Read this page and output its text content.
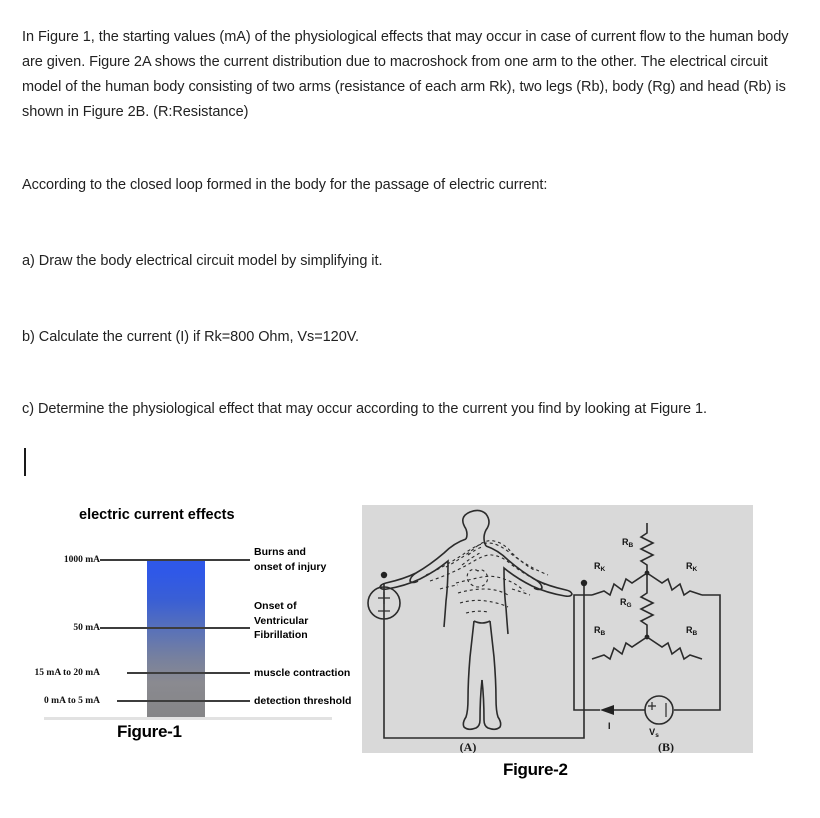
In Figure 1, the starting values (mA) of the physiological effects that may occur in case of current flow to the human body are given. Figure 2A shows the current distribution due to macroshock from one arm to the other. The electrical circuit model of the human body consisting of two arms (resistance of each arm Rk), two legs (Rb), body (Rg) and head (Rb) is shown in Figure 2B. (R:Resistance)

According to the closed loop formed in the body for the passage of electric current:

a) Draw the body electrical circuit model by simplifying it.

b) Calculate the current (I) if Rk=800 Ohm, Vs=120V.

c) Determine the physiological effect that may occur according to the current you find by looking at Figure 1.

electric current effects
1000 mA
Burns and
onset of injury
50 mA
Onset of
Ventricular
Fibrillation
15 mA to 20 mA	muscle contraction
0 mA to 5 mA	detection threshold
Figure-1
(A)
$R_B$
$R_K$	$R_K$
$R_G$
$R_B$	$R_B$
$V_s$
I
(B)
Figure-2
